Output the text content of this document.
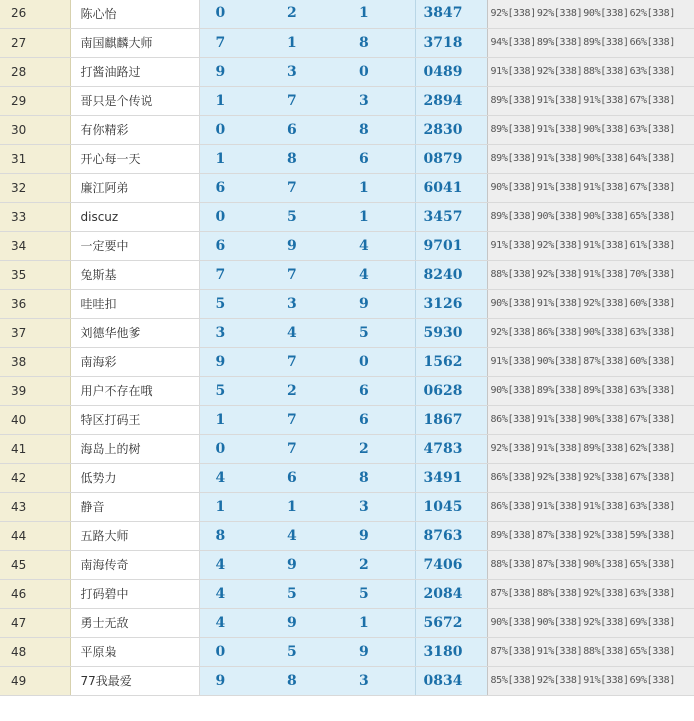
26	陈心怡	0	2	1	3847	92%[338]92%[338]90%[338]62%[338]
27	南国麒麟大师	7	1	8	3718	94%[338]89%[338]89%[338]66%[338]
28	打酱油路过	9	3	0	0489	91%[338]92%[338]88%[338]63%[338]
29	哥只是个传说	1	7	3	2894	89%[338]91%[338]91%[338]67%[338]
30	有你精彩	0	6	8	2830	89%[338]91%[338]90%[338]63%[338]
31	开心每一天	1	8	6	0879	89%[338]91%[338]90%[338]64%[338]
32	廉江阿弟	6	7	1	6041	90%[338]91%[338]91%[338]67%[338]
33	discuz	0	5	1	3457	89%[338]90%[338]90%[338]65%[338]
34	一定要中	6	9	4	9701	91%[338]92%[338]91%[338]61%[338]
35	兔斯基	7	7	4	8240	88%[338]92%[338]91%[338]70%[338]
36	哇哇扣	5	3	9	3126	90%[338]91%[338]92%[338]60%[338]
37	刘德华他爹	3	4	5	5930	92%[338]86%[338]90%[338]63%[338]
38	南海彩	9	7	0	1562	91%[338]90%[338]87%[338]60%[338]
39	用户不存在哦	5	2	6	0628	90%[338]89%[338]89%[338]63%[338]
40	特区打码王	1	7	6	1867	86%[338]91%[338]90%[338]67%[338]
41	海岛上的树	0	7	2	4783	92%[338]91%[338]89%[338]62%[338]
42	低势力	4	6	8	3491	86%[338]92%[338]92%[338]67%[338]
43	静音	1	1	3	1045	86%[338]91%[338]91%[338]63%[338]
44	五路大师	8	4	9	8763	89%[338]87%[338]92%[338]59%[338]
45	南海传奇	4	9	2	7406	88%[338]87%[338]90%[338]65%[338]
46	打码碧中	4	5	5	2084	87%[338]88%[338]92%[338]63%[338]
47	勇士无敌	4	9	1	5672	90%[338]90%[338]92%[338]69%[338]
48	平原枭	0	5	9	3180	87%[338]91%[338]88%[338]65%[338]
49	77我最爱	9	8	3	0834	85%[338]92%[338]91%[338]69%[338]
